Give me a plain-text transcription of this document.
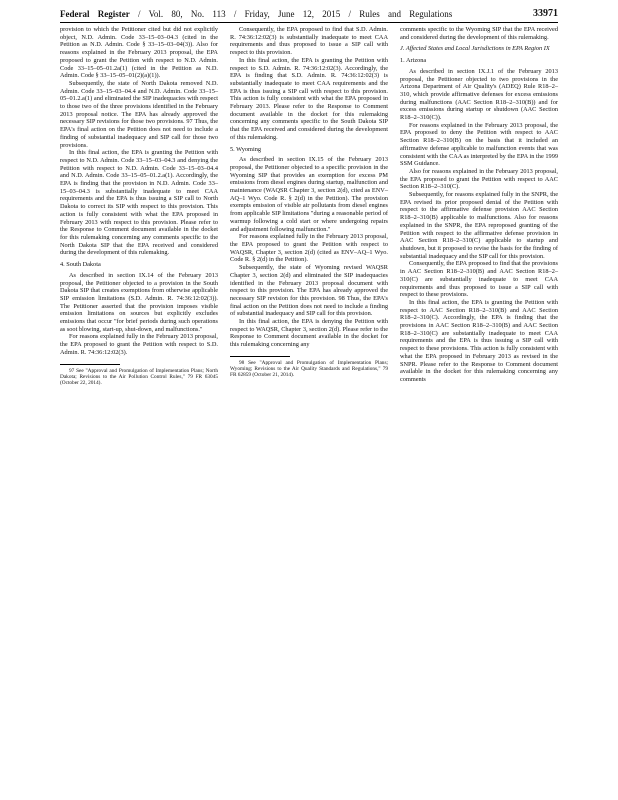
Federal Register / Vol. 80, No. 113 / Friday, June 12, 2015 / Rules and Regulations	33971

provision to which the Petitioner cited but did not explicitly object, N.D. Admin. Code 33–15–03–04.3 (cited in the Petition as N.D. Admin. Code § 33–15–03–04(3)). Also for reasons explained in the February 2013 proposal, the EPA proposed to grant the Petition with respect to N.D. Admin. Code 33–15–05–01.2a(1) (cited in the Petition as N.D. Admin. Code § 33–15–05–01(2)(a)(1)).

Subsequently, the state of North Dakota removed N.D. Admin. Code 33–15–03–04.4 and N.D. Admin. Code 33–15–05–01.2.a(1) and eliminated the SIP inadequacies with respect to those two of the three provisions identified in the February 2013 proposal notice. The EPA has already approved the necessary SIP revisions for those two provisions. 97 Thus, the EPA's final action on the Petition does not need to include a finding of substantial inadequacy and SIP call for those two provisions.

In this final action, the EPA is granting the Petition with respect to N.D. Admin. Code 33–15–03–04.3 and denying the Petition with respect to N.D. Admin. Code 33–15–03–04.4 and N.D. Admin. Code 33–15–05–01.2.a(1). Accordingly, the EPA is finding that the provision in N.D. Admin. Code 33–15–03–04.3 is substantially inadequate to meet CAA requirements and the EPA is thus issuing a SIP call to North Dakota to correct its SIP with respect to this provision. This action is fully consistent with what the EPA proposed in February 2013 with respect to this provision. Please refer to the Response to Comment document available in the docket for this rulemaking concerning any comments specific to the North Dakota SIP that the EPA received and considered during the development of this rulemaking.

4. South Dakota

As described in section IX.14 of the February 2013 proposal, the Petitioner objected to a provision in the South Dakota SIP that creates exemptions from otherwise applicable SIP emission limitations (S.D. Admin. R. 74:36:12:02(3)). The Petitioner asserted that the provision imposes visible emission limitations on sources but explicitly excludes emissions that occur "for brief periods during such operations as soot blowing, start-up, shut-down, and malfunctions."

For reasons explained fully in the February 2013 proposal, the EPA proposed to grant the Petition with respect to S.D. Admin. R. 74:36:12:02(3).

97 See "Approval and Promulgation of Implementation Plans; North Dakota; Revisions to the Air Pollution Control Rules," 79 FR 63045 (October 22, 2014).

Consequently, the EPA proposed to find that S.D. Admin. R. 74:36:12:02(3) is substantially inadequate to meet CAA requirements and thus proposed to issue a SIP call with respect to this provision.

In this final action, the EPA is granting the Petition with respect to S.D. Admin. R. 74:36:12:02(3). Accordingly, the EPA is finding that S.D. Admin. R. 74:36:12:02(3) is substantially inadequate to meet CAA requirements and the EPA is thus issuing a SIP call with respect to this provision. This action is fully consistent with what the EPA proposed in February 2013. Please refer to the Response to Comment document available in the docket for this rulemaking concerning any comments specific to the South Dakota SIP that the EPA received and considered during the development of this rulemaking.

5. Wyoming

As described in section IX.15 of the February 2013 proposal, the Petitioner objected to a specific provision in the Wyoming SIP that provides an exemption for excess PM emissions from diesel engines during startup, malfunction and maintenance (WAQSR Chapter 3, section 2(d), cited as ENV–AQ–1 Wyo. Code R. § 2(d) in the Petition). The provision exempts emission of visible air pollutants from diesel engines from applicable SIP limitations "during a reasonable period of warmup following a cold start or where undergoing repairs and adjustment following malfunction."

For reasons explained fully in the February 2013 proposal, the EPA proposed to grant the Petition with respect to WAQSR, Chapter 3, section 2(d) (cited as ENV–AQ–1 Wyo. Code R. § 2(d) in the Petition).

Subsequently, the state of Wyoming revised WAQSR Chapter 3, section 2(d) and eliminated the SIP inadequacies identified in the February 2013 proposal document with respect to this provision. The EPA has already approved the necessary SIP revision for this provision. 98 Thus, the EPA's final action on the Petition does not need to include a finding of substantial inadequacy and SIP call for this provision.

In this final action, the EPA is denying the Petition with respect to WAQSR, Chapter 3, section 2(d). Please refer to the Response to Comment document available in the docket for this rulemaking concerning any

98 See "Approval and Promulgation of Implementation Plans; Wyoming; Revisions to the Air Quality Standards and Regulations," 79 FR 62859 (October 21, 2014).

comments specific to the Wyoming SIP that the EPA received and considered during the development of this rulemaking.

J. Affected States and Local Jurisdictions in EPA Region IX
1. Arizona

As described in section IX.J.1 of the February 2013 proposal, the Petitioner objected to two provisions in the Arizona Department of Air Quality's (ADEQ) Rule R18–2–310, which provide affirmative defenses for excess emissions during malfunctions (AAC Section R18–2–310(B)) and for excess emissions during startup or shutdown (AAC Section R18–2–310(C)).

For reasons explained in the February 2013 proposal, the EPA proposed to deny the Petition with respect to AAC Section R18–2–310(B) on the basis that it included an affirmative defense applicable to malfunction events that was consistent with the CAA as interpreted by the EPA in the 1999 SSM Guidance.

Also for reasons explained in the February 2013 proposal, the EPA proposed to grant the Petition with respect to AAC Section R18–2–310(C).

Subsequently, for reasons explained fully in the SNPR, the EPA revised its prior proposed denial of the Petition with respect to the affirmative defense provision AAC Section R18–2–310(B) applicable to malfunctions. Also for reasons explained in the SNPR, the EPA reproposed granting of the Petition with respect to the affirmative defense provision in AAC Section R18–2–310(C) applicable to startup and shutdown, but it proposed to revise the basis for the finding of substantial inadequacy and the SIP call for this provision.

Consequently, the EPA proposed to find that the provisions in AAC Section R18–2–310(B) and AAC Section R18–2–310(C) are substantially inadequate to meet CAA requirements and thus proposed to issue a SIP call with respect to these provisions.

In this final action, the EPA is granting the Petition with respect to AAC Section R18–2–310(B) and AAC Section R18–2–310(C). Accordingly, the EPA is finding that the provisions in AAC Section R18–2–310(B) and AAC Section R18–2–310(C) are substantially inadequate to meet CAA requirements and the EPA is thus issuing a SIP call with respect to these provisions. This action is fully consistent with what the EPA proposed in February 2013 as revised in the SNPR. Please refer to the Response to Comment document available in the docket for this rulemaking concerning any comments
